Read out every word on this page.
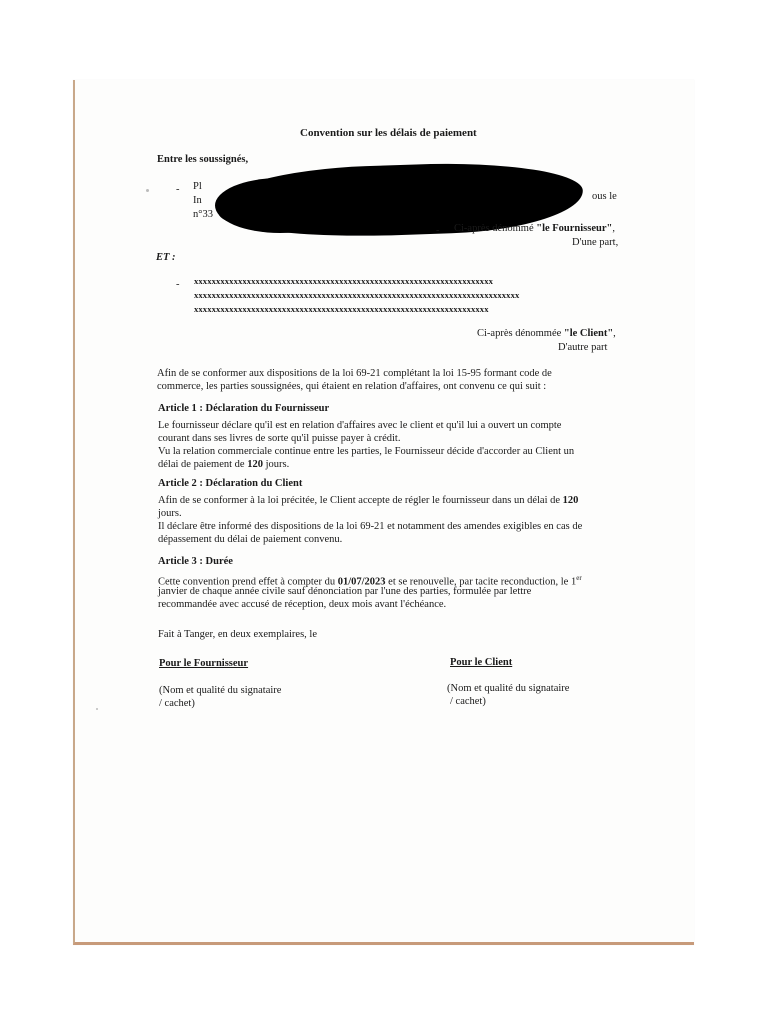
Convention sur les délais de paiement
Entre les soussignés,
- Pl
ous le
In
n°33
- Ci-après dénommé "le Fournisseur",
D'une part,
ET :
- xxxxxxxxxxxxxxxxxxxxxxxxxxxxxxxxxxxxxxxxxxxxxxxxxxxxxxxxxxxxxxxxxxxx
xxxxxxxxxxxxxxxxxxxxxxxxxxxxxxxxxxxxxxxxxxxxxxxxxxxxxxxxxxxxxxxxxxxxxxxxxx
xxxxxxxxxxxxxxxxxxxxxxxxxxxxxxxxxxxxxxxxxxxxxxxxxxxxxxxxxxxxxxxxxxx
Ci-après dénommée "le Client",
D'autre part
Afin de se conformer aux dispositions de la loi 69-21 complétant la loi 15-95 formant code de
commerce, les parties soussignées, qui étaient en relation d'affaires, ont convenu ce qui suit :
Article 1 : Déclaration du Fournisseur
Le fournisseur déclare qu'il est en relation d'affaires avec le client et qu'il lui a ouvert un compte
courant dans ses livres de sorte qu'il puisse payer à crédit.
Vu la relation commerciale continue entre les parties, le Fournisseur décide d'accorder au Client un
délai de paiement de 120 jours.
Article 2 : Déclaration du Client
Afin de se conformer à la loi précitée, le Client accepte de régler le fournisseur dans un délai de 120
jours.
Il déclare être informé des dispositions de la loi 69-21 et notamment des amendes exigibles en cas de
dépassement du délai de paiement convenu.
Article 3 : Durée
Cette convention prend effet à compter du 01/07/2023 et se renouvelle, par tacite reconduction, le 1er
janvier de chaque année civile sauf dénonciation par l'une des parties, formulée par lettre
recommandée avec accusé de réception, deux mois avant l'échéance.
Fait à Tanger, en deux exemplaires, le
Pour le Fournisseur
(Nom et qualité du signataire
/ cachet)
Pour le Client
(Nom et qualité du signataire
/ cachet)
